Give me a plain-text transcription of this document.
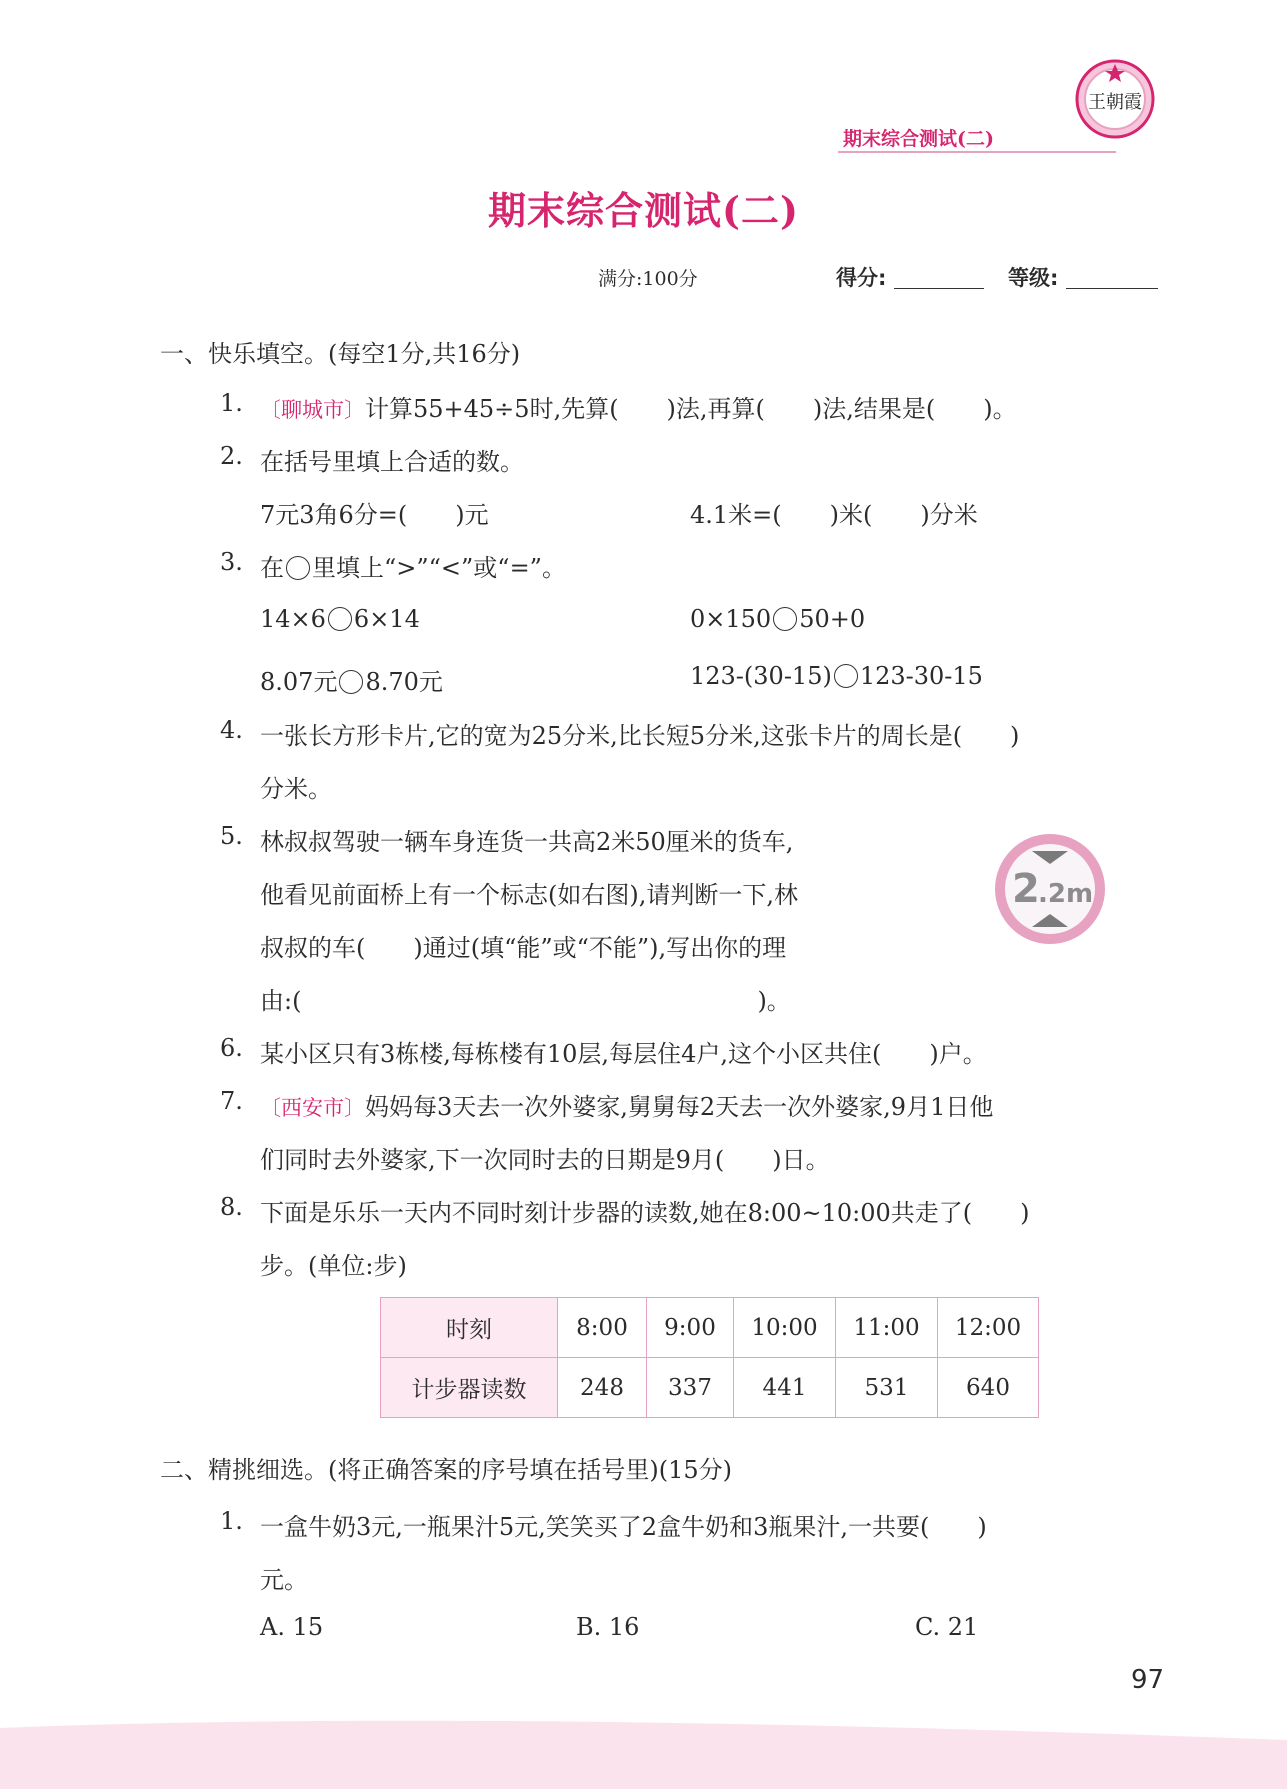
期末综合测试(二)
王朝霞
期末综合测试(二)
满分:100分	得分:	等级:
一、快乐填空。(每空1分,共16分)
1. 〔聊城市〕计算55+45÷5时,先算(　　)法,再算(　　)法,结果是(　　)。
2. 在括号里填上合适的数。
7元3角6分=(　　)元	4.1米=(　　)米(　　)分米
3. 在 里填上“>”“<”或“=”。
14×6 6×14	0×150 50+0
8.07元 8.70元	123-(30-15) 123-30-15
4. 一张长方形卡片,它的宽为25分米,比长短5分米,这张卡片的周长是(　　)
分米。
5. 林叔叔驾驶一辆车身连货一共高2米50厘米的货车,
他看见前面桥上有一个标志(如右图),请判断一下,林
叔叔的车(　　)通过(填“能”或“不能”),写出你的理
由:(　　　　　　　　　　　　　　　　　　　)。
2
.2m
6. 某小区只有3栋楼,每栋楼有10层,每层住4户,这个小区共住(　　)户。
7. 〔西安市〕妈妈每3天去一次外婆家,舅舅每2天去一次外婆家,9月1日他
们同时去外婆家,下一次同时去的日期是9月(　　)日。
8. 下面是乐乐一天内不同时刻计步器的读数,她在8:00~10:00共走了(　　)
步。(单位:步)
时刻	8:00	9:00	10:00	11:00	12:00
计步器读数	248	337	441	531	640
二、精挑细选。(将正确答案的序号填在括号里)(15分)
1. 一盒牛奶3元,一瓶果汁5元,笑笑买了2盒牛奶和3瓶果汁,一共要(　　)
元。
A. 15	B. 16	C. 21
97
